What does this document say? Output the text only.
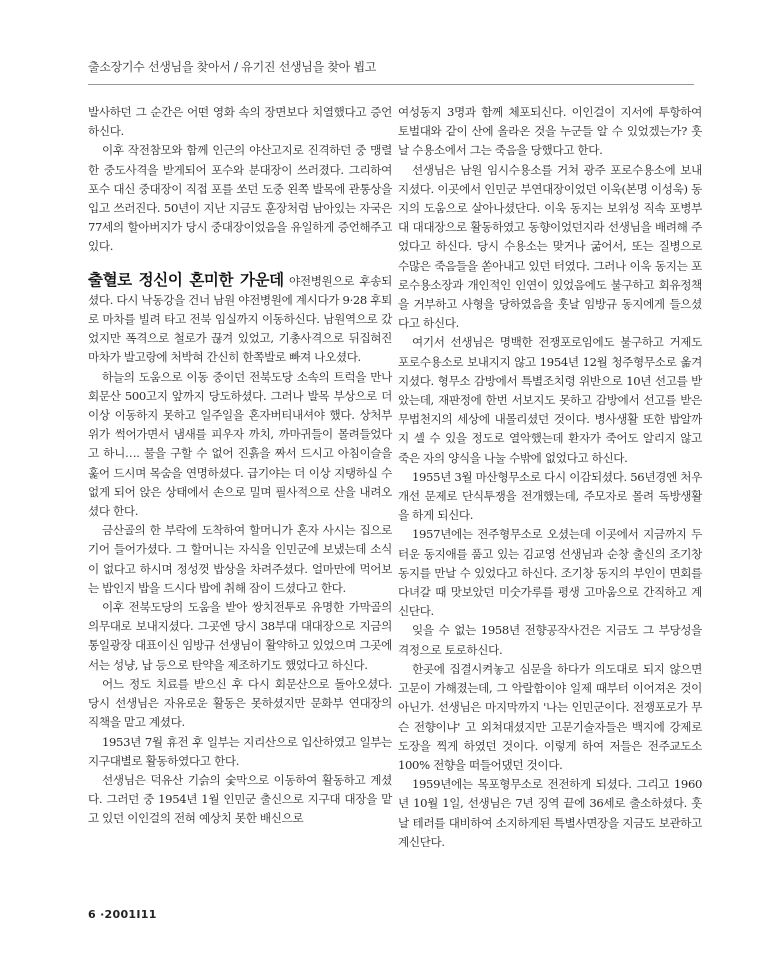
출소장기수 선생님을 찾아서 / 유기진 선생님을 찾아 뵙고

발사하던 그 순간은 어떤 영화 속의 장면보다 치열했다고 증언하신다.

이후 작전참모와 함께 인근의 야산고지로 진격하던 중 맹렬한 중도사격을 받게되어 포수와 분대장이 쓰러졌다. 그리하여 포수 대신 중대장이 직접 포를 쏘던 도중 왼쪽 발목에 관통상을 입고 쓰러진다. 50년이 지난 지금도 훈장처럼 남아있는 자국은 77세의 할아버지가 당시 중대장이었음을 유일하게 증언해주고 있다.

출혈로 정신이 혼미한 가운데 야전병원으로 후송되셨다. 다시 낙동강을 건너 남원 야전병원에 계시다가 9·28 후퇴로 마차를 빌려 타고 전북 임실까지 이동하신다. 남원역으로 갔었지만 폭격으로 철로가 끊겨 있었고, 기총사격으로 뒤집혀진 마차가 발고랑에 처박혀 간신히 한쪽발로 빠져 나오셨다.

하늘의 도움으로 이동 중이던 전북도당 소속의 트럭을 만나 회문산 500고지 앞까지 당도하셨다. 그러나 발목 부상으로 더 이상 이동하지 못하고 일주일을 혼자버티내셔야 했다. 상처부위가 썩어가면서 냄새를 피우자 까치, 까마귀들이 몰려들었다고 하니…. 물을 구할 수 없어 진흙을 짜서 드시고 아침이슬을 훑어 드시며 목숨을 연명하셨다. 급기야는 더 이상 지탱하실 수 없게 되어 앉은 상태에서 손으로 밀며 필사적으로 산을 내려오셨다 한다.

금산골의 한 부락에 도착하여 할머니가 혼자 사시는 집으로 기어 들어가셨다. 그 할머니는 자식을 인민군에 보냈는데 소식이 없다고 하시며 정성껏 밥상을 차려주셨다. 얼마만에 먹어보는 밥인지 밥을 드시다 밥에 취해 잠이 드셨다고 한다.

이후 전북도당의 도움을 받아 쌍치전투로 유명한 가막골의 의무대로 보내지셨다. 그곳엔 당시 38부대 대대장으로 지금의 통일광장 대표이신 임방규 선생님이 활약하고 있었으며 그곳에서는 성냥, 납 등으로 탄약을 제조하기도 했었다고 하신다.

어느 정도 치료를 받으신 후 다시 회문산으로 돌아오셨다. 당시 선생님은 자유로운 활동은 못하셨지만 문화부 연대장의 직책을 맡고 계셨다.

1953년 7월 휴전 후 일부는 지리산으로 입산하였고 일부는 지구대별로 활동하였다고 한다.

선생님은 덕유산 기슭의 숯막으로 이동하여 활동하고 계셨다. 그러던 중 1954년 1월 인민군 출신으로 지구대 대장을 맡고 있던 이인걸의 전혀 예상치 못한 배신으로

여성동지 3명과 함께 체포되신다. 이인걸이 지서에 투항하여 토벌대와 같이 산에 올라온 것을 누군들 알 수 있었겠는가? 훗날 수용소에서 그는 죽음을 당했다고 한다.

선생님은 남원 임시수용소를 거쳐 광주 포로수용소에 보내지셨다. 이곳에서 인민군 부연대장이었던 이욱(본명 이성욱) 동지의 도움으로 살아나셨단다. 이욱 동지는 보위성 직속 포병부대 대대장으로 활동하였고 동향이었던지라 선생님을 배려해 주었다고 하신다. 당시 수용소는 맞거나 굶어서, 또는 질병으로 수많은 죽음들을 쏟아내고 있던 터였다. 그러나 이욱 동지는 포로수용소장과 개인적인 인연이 있었음에도 불구하고 회유정책을 거부하고 사형을 당하였음을 훗날 임방규 동지에게 들으셨다고 하신다.

여기서 선생님은 명백한 전쟁포로임에도 불구하고 거제도 포로수용소로 보내지지 않고 1954년 12월 청주형무소로 옮겨지셨다. 형무소 감방에서 특별조치령 위반으로 10년 선고를 받았는데, 재판정에 한번 서보지도 못하고 감방에서 선고를 받은 무법천지의 세상에 내몰리셨던 것이다. 병사생활 또한 밥알까지 셀 수 있을 정도로 열악했는데 환자가 죽어도 알리지 않고 죽은 자의 양식을 나눌 수밖에 없었다고 하신다.

1955년 3월 마산형무소로 다시 이감되셨다. 56년경엔 처우개선 문제로 단식투쟁을 전개했는데, 주모자로 몰려 독방생활을 하게 되신다.

1957년에는 전주형무소로 오셨는데 이곳에서 지금까지 두터운 동지애를 품고 있는 김교영 선생님과 순창 출신의 조기창 동지를 만날 수 있었다고 하신다. 조기창 동지의 부인이 면회를 다녀갈 때 맛보았던 미숫가루를 평생 고마움으로 간직하고 계신단다.

잊을 수 없는 1958년 전향공작사건은 지금도 그 부당성을 격정으로 토로하신다.

한곳에 집결시켜놓고 심문을 하다가 의도대로 되지 않으면 고문이 가해졌는데, 그 악랄함이야 일제 때부터 이어져온 것이 아닌가. 선생님은 마지막까지 '나는 인민군이다. 전쟁포로가 무슨 전향이냐' 고 외쳐대셨지만 고문기술자들은 백지에 강제로 도장을 찍게 하였던 것이다. 이렇게 하여 저들은 전주교도소 100% 전향을 떠들어댔던 것이다.

1959년에는 목포형무소로 전전하게 되셨다. 그리고 1960년 10월 1일, 선생님은 7년 징역 끝에 36세로 출소하셨다. 훗날 테러를 대비하여 소지하게된 특별사면장을 지금도 보관하고 계신단다.

6 ·2001I11
